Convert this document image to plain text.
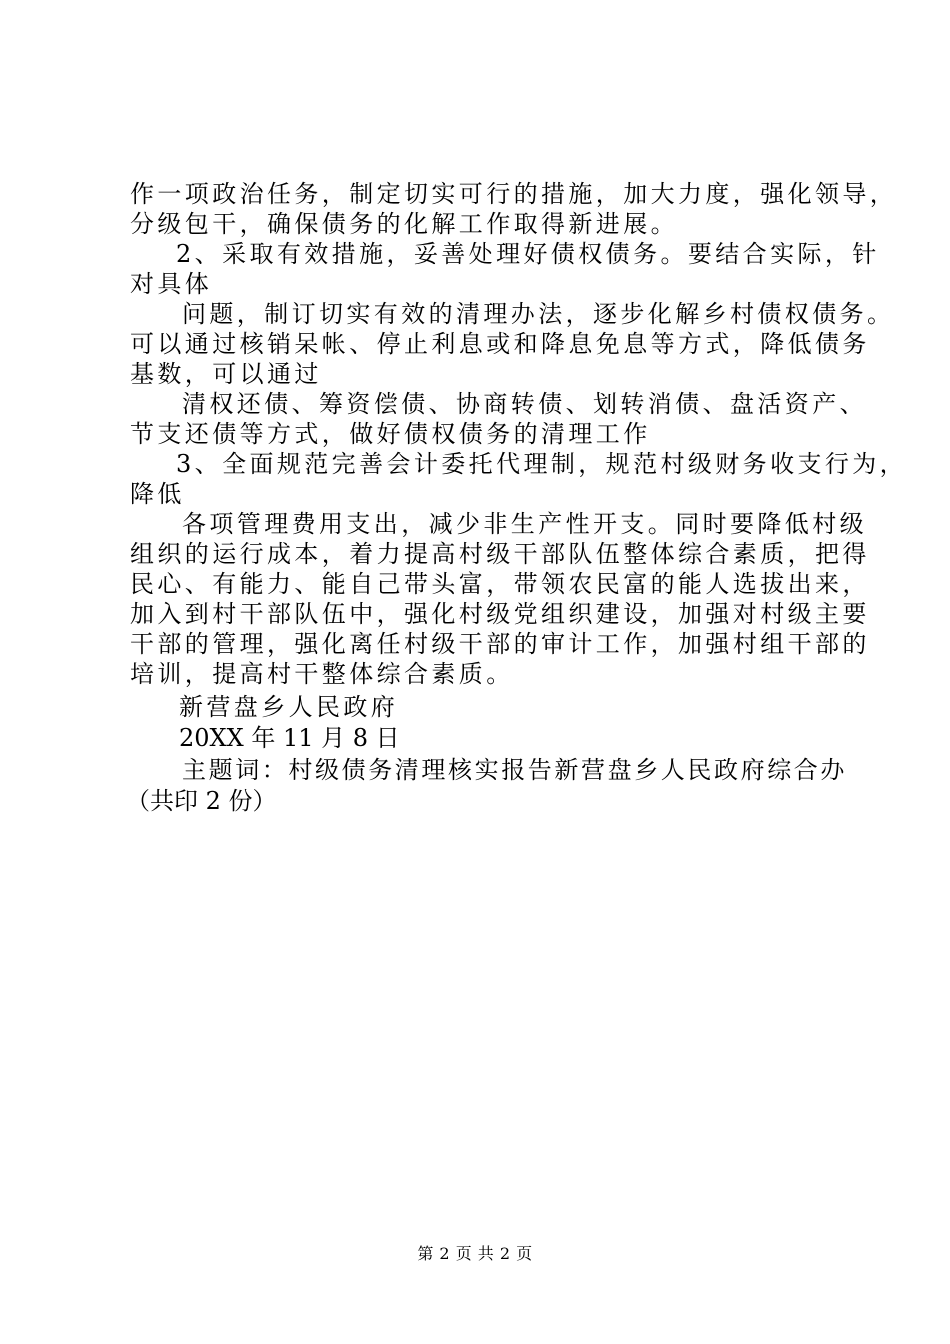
作一项政治任务，制定切实可行的措施，加大力度，强化领导，
分级包干，确保债务的化解工作取得新进展。
2、采取有效措施，妥善处理好债权债务。要结合实际，针
对具体
问题，制订切实有效的清理办法，逐步化解乡村债权债务。
可以通过核销呆帐、停止利息或和降息免息等方式，降低债务
基数，可以通过
清权还债、筹资偿债、协商转债、划转消债、盘活资产、
节支还债等方式，做好债权债务的清理工作
3、全面规范完善会计委托代理制，规范村级财务收支行为，
降低
各项管理费用支出，减少非生产性开支。同时要降低村级
组织的运行成本，着力提高村级干部队伍整体综合素质，把得
民心、有能力、能自己带头富，带领农民富的能人选拔出来，
加入到村干部队伍中，强化村级党组织建设，加强对村级主要
干部的管理，强化离任村级干部的审计工作，加强村组干部的
培训，提高村干整体综合素质。
新营盘乡人民政府
20XX 年 11 月 8 日
主题词：村级债务清理核实报告新营盘乡人民政府综合办
（共印 2 份）
第 2 页 共 2 页
